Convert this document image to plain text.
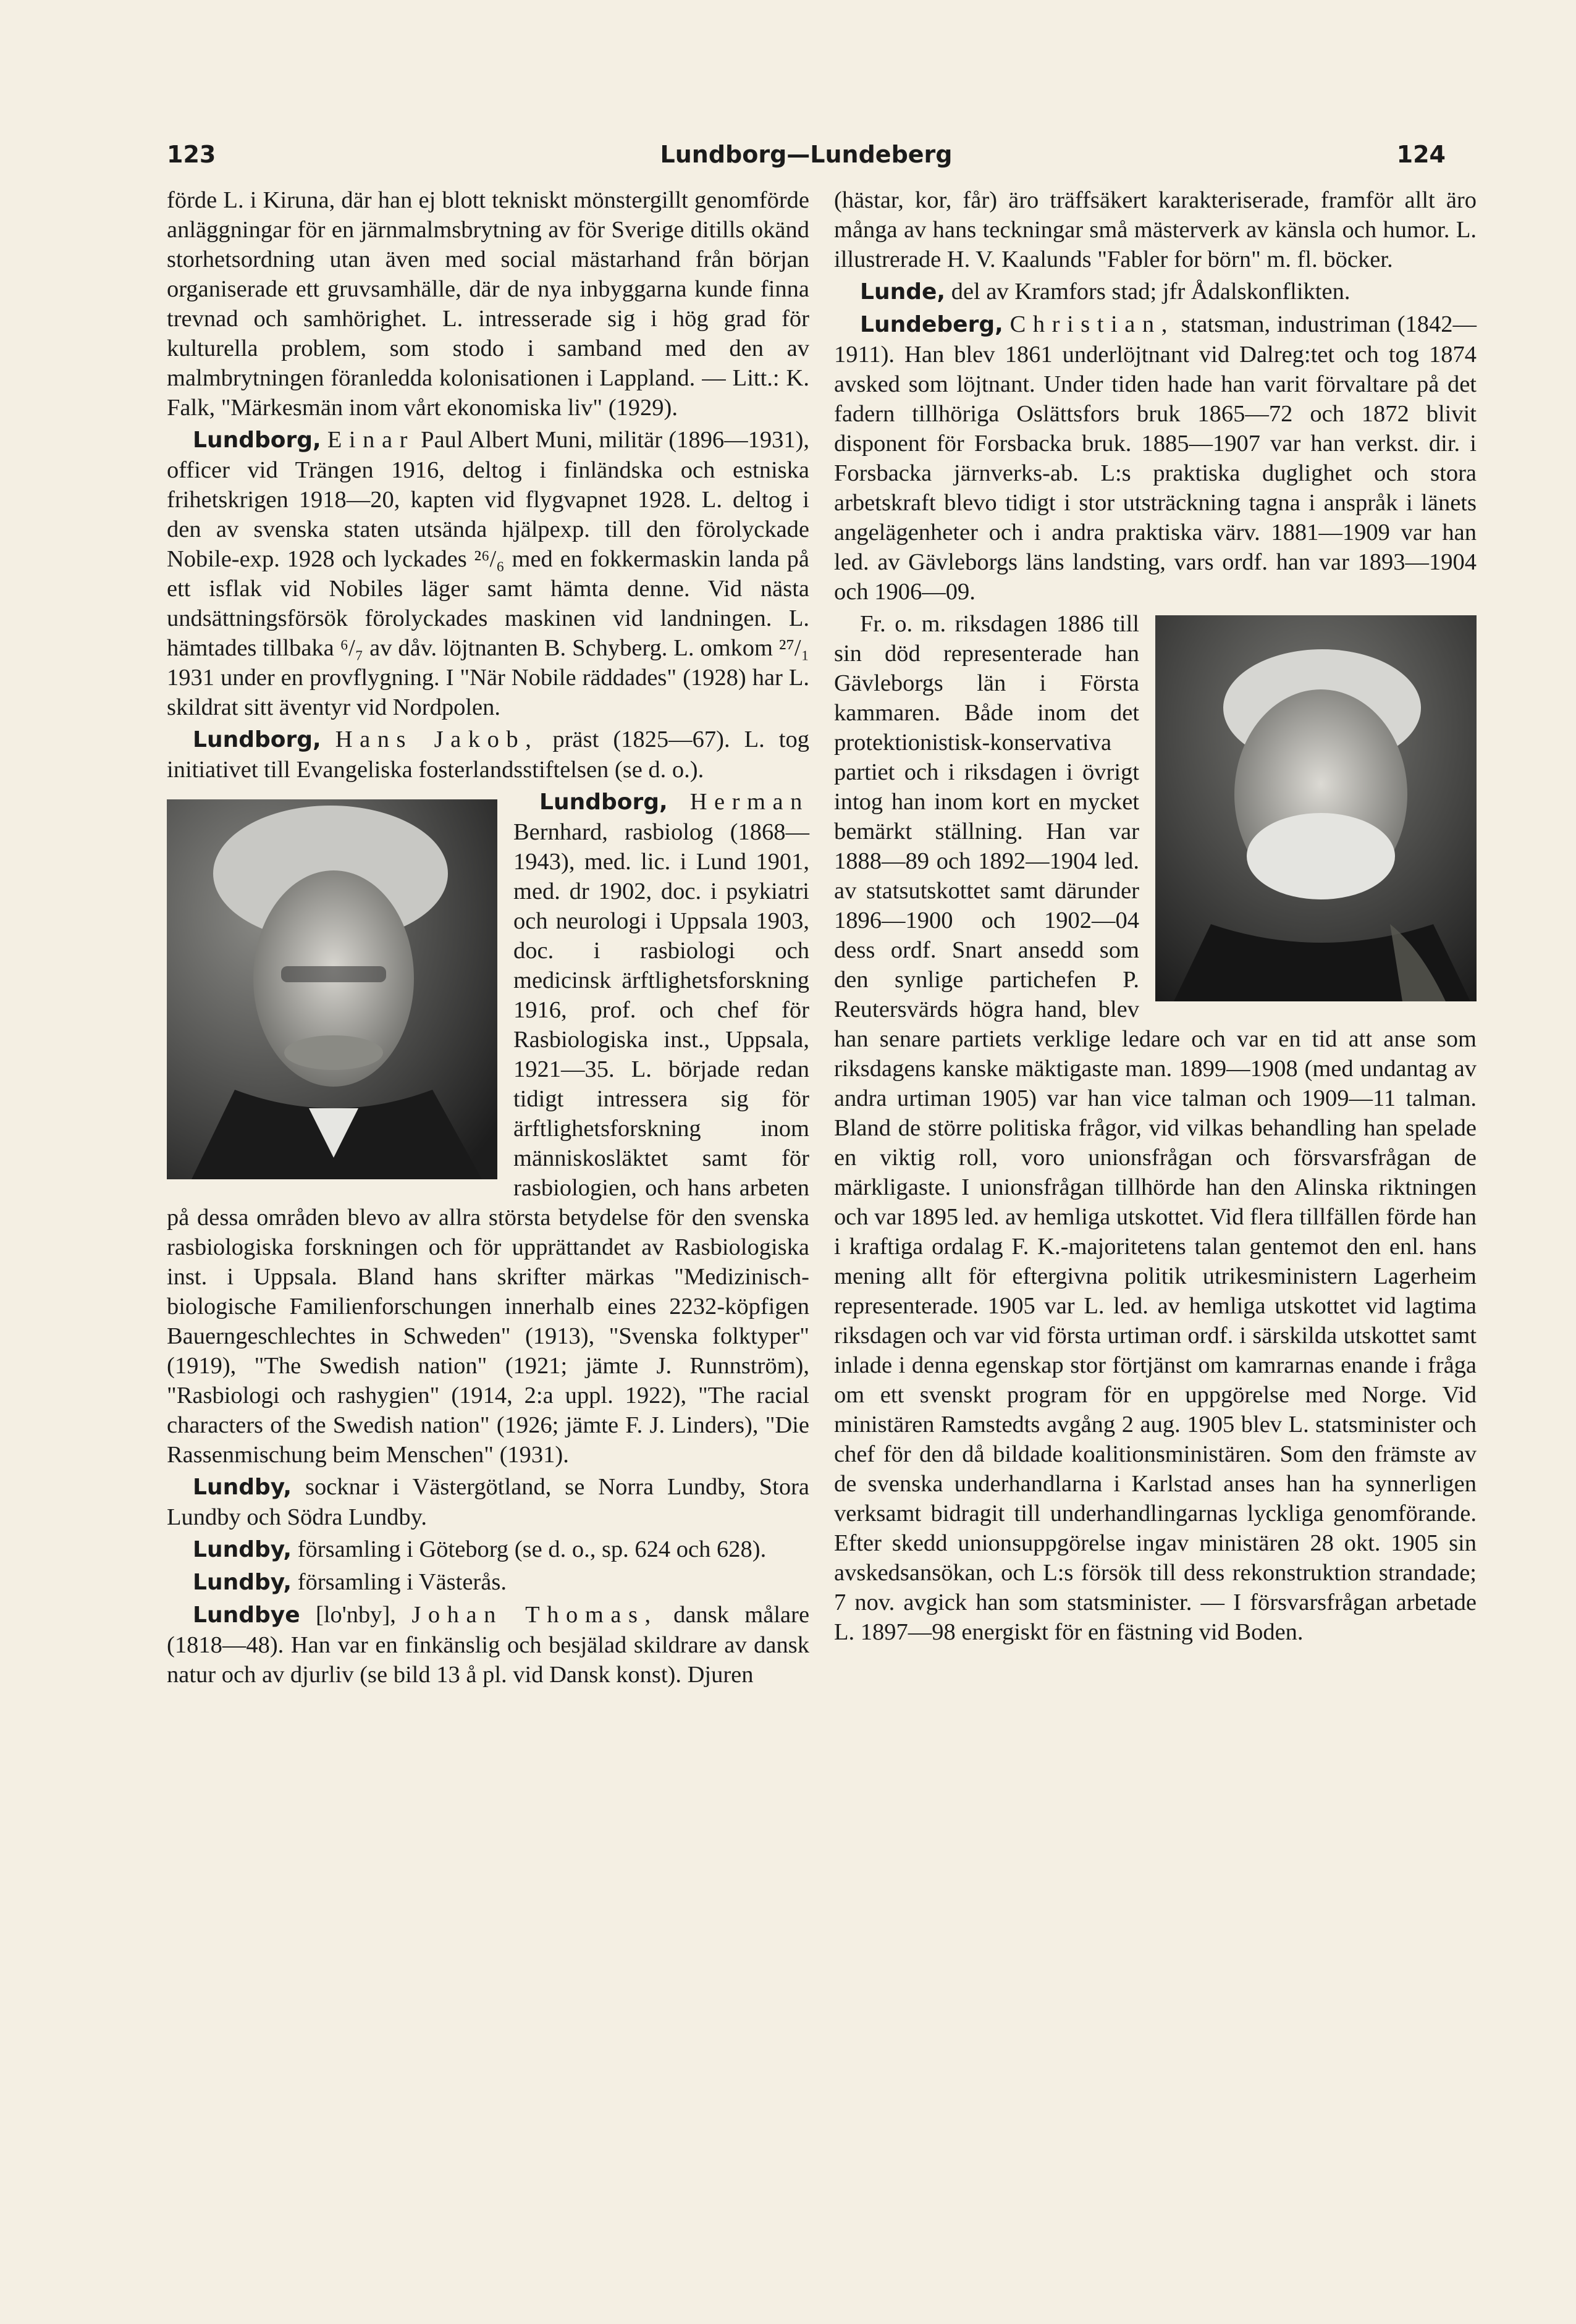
123	Lundborg—Lundeberg	124

förde L. i Kiruna, där han ej blott tekniskt mönstergillt genomförde anläggningar för en järnmalmsbrytning av för Sverige ditills okänd storhetsordning utan även med social mästarhand från början organiserade ett gruvsamhälle, där de nya inbyggarna kunde finna trevnad och samhörighet. L. intresserade sig i hög grad för kulturella problem, som stodo i samband med den av malmbrytningen föranledda kolonisationen i Lappland. — Litt.: K. Falk, "Märkesmän inom vårt ekonomiska liv" (1929).

Lundborg, Einar Paul Albert Muni, militär (1896—1931), officer vid Trängen 1916, deltog i finländska och estniska frihetskrigen 1918—20, kapten vid flygvapnet 1928. L. deltog i den av svenska staten utsända hjälpexp. till den förolyckade Nobile-exp. 1928 och lyckades ²⁶/₆ med en fokkermaskin landa på ett isflak vid Nobiles läger samt hämta denne. Vid nästa undsättningsförsök förolyckades maskinen vid landningen. L. hämtades tillbaka ⁶/₇ av dåv. löjtnanten B. Schyberg. L. omkom ²⁷/₁ 1931 under en provflygning. I "När Nobile räddades" (1928) har L. skildrat sitt äventyr vid Nordpolen.

Lundborg, Hans Jakob, präst (1825—67). L. tog initiativet till Evangeliska fosterlandsstiftelsen (se d. o.).

Lundborg, Herman Bernhard, rasbiolog (1868—1943), med. lic. i Lund 1901, med. dr 1902, doc. i psykiatri och neurologi i Uppsala 1903, doc. i rasbiologi och medicinsk ärftlighetsforskning 1916, prof. och chef för Rasbiologiska inst., Uppsala, 1921—35. L. började redan tidigt intressera sig för ärftlighetsforskning inom människosläktet samt för rasbiologien, och hans arbeten på dessa områden blevo av allra största betydelse för den svenska rasbiologiska forskningen och för upprättandet av Rasbiologiska inst. i Uppsala. Bland hans skrifter märkas "Medizinisch-biologische Familienforschungen innerhalb eines 2232-köpfigen Bauerngeschlechtes in Schweden" (1913), "Svenska folktyper" (1919), "The Swedish nation" (1921; jämte J. Runnström), "Rasbiologi och rashygien" (1914, 2:a uppl. 1922), "The racial characters of the Swedish nation" (1926; jämte F. J. Linders), "Die Rassenmischung beim Menschen" (1931).

Lundby, socknar i Västergötland, se Norra Lundby, Stora Lundby och Södra Lundby.

Lundby, församling i Göteborg (se d. o., sp. 624 och 628).

Lundby, församling i Västerås.

Lundbye [lo'nby], Johan Thomas, dansk målare (1818—48). Han var en finkänslig och besjälad skildrare av dansk natur och av djurliv (se bild 13 å pl. vid Dansk konst). Djuren

(hästar, kor, får) äro träffsäkert karakteriserade, framför allt äro många av hans teckningar små mästerverk av känsla och humor. L. illustrerade H. V. Kaalunds "Fabler for börn" m. fl. böcker.

Lunde, del av Kramfors stad; jfr Ådalskonflikten.

Lundeberg, Christian, statsman, industriman (1842—1911). Han blev 1861 underlöjtnant vid Dalreg:tet och tog 1874 avsked som löjtnant. Under tiden hade han varit förvaltare på det fadern tillhöriga Oslättsfors bruk 1865—72 och 1872 blivit disponent för Forsbacka bruk. 1885—1907 var han verkst. dir. i Forsbacka järnverks-ab. L:s praktiska duglighet och stora arbetskraft blevo tidigt i stor utsträckning tagna i anspråk i länets angelägenheter och i andra praktiska värv. 1881—1909 var han led. av Gävleborgs läns landsting, vars ordf. han var 1893—1904 och 1906—09.

Fr. o. m. riksdagen 1886 till sin död representerade han Gävleborgs län i Första kammaren. Både inom det protektionistisk-konservativa partiet och i riksdagen i övrigt intog han inom kort en mycket bemärkt ställning. Han var 1888—89 och 1892—1904 led. av statsutskottet samt därunder 1896—1900 och 1902—04 dess ordf. Snart ansedd som den synlige partichefen P. Reutersvärds högra hand, blev han senare partiets verklige ledare och var en tid att anse som riksdagens kanske mäktigaste man. 1899—1908 (med undantag av andra urtiman 1905) var han vice talman och 1909—11 talman. Bland de större politiska frågor, vid vilkas behandling han spelade en viktig roll, voro unionsfrågan och försvarsfrågan de märkligaste. I unionsfrågan tillhörde han den Alinska riktningen och var 1895 led. av hemliga utskottet. Vid flera tillfällen förde han i kraftiga ordalag F. K.-majoritetens talan gentemot den enl. hans mening allt för eftergivna politik utrikesministern Lagerheim representerade. 1905 var L. led. av hemliga utskottet vid lagtima riksdagen och var vid första urtiman ordf. i särskilda utskottet samt inlade i denna egenskap stor förtjänst om kamrarnas enande i fråga om ett svenskt program för en uppgörelse med Norge. Vid ministären Ramstedts avgång 2 aug. 1905 blev L. statsminister och chef för den då bildade koalitionsministären. Som den främste av de svenska underhandlarna i Karlstad anses han ha synnerligen verksamt bidragit till underhandlingarnas lyckliga genomförande. Efter skedd unionsuppgörelse ingav ministären 28 okt. 1905 sin avskedsansökan, och L:s försök till dess rekonstruktion strandade; 7 nov. avgick han som statsminister. — I försvarsfrågan arbetade L. 1897—98 energiskt för en fästning vid Boden.
